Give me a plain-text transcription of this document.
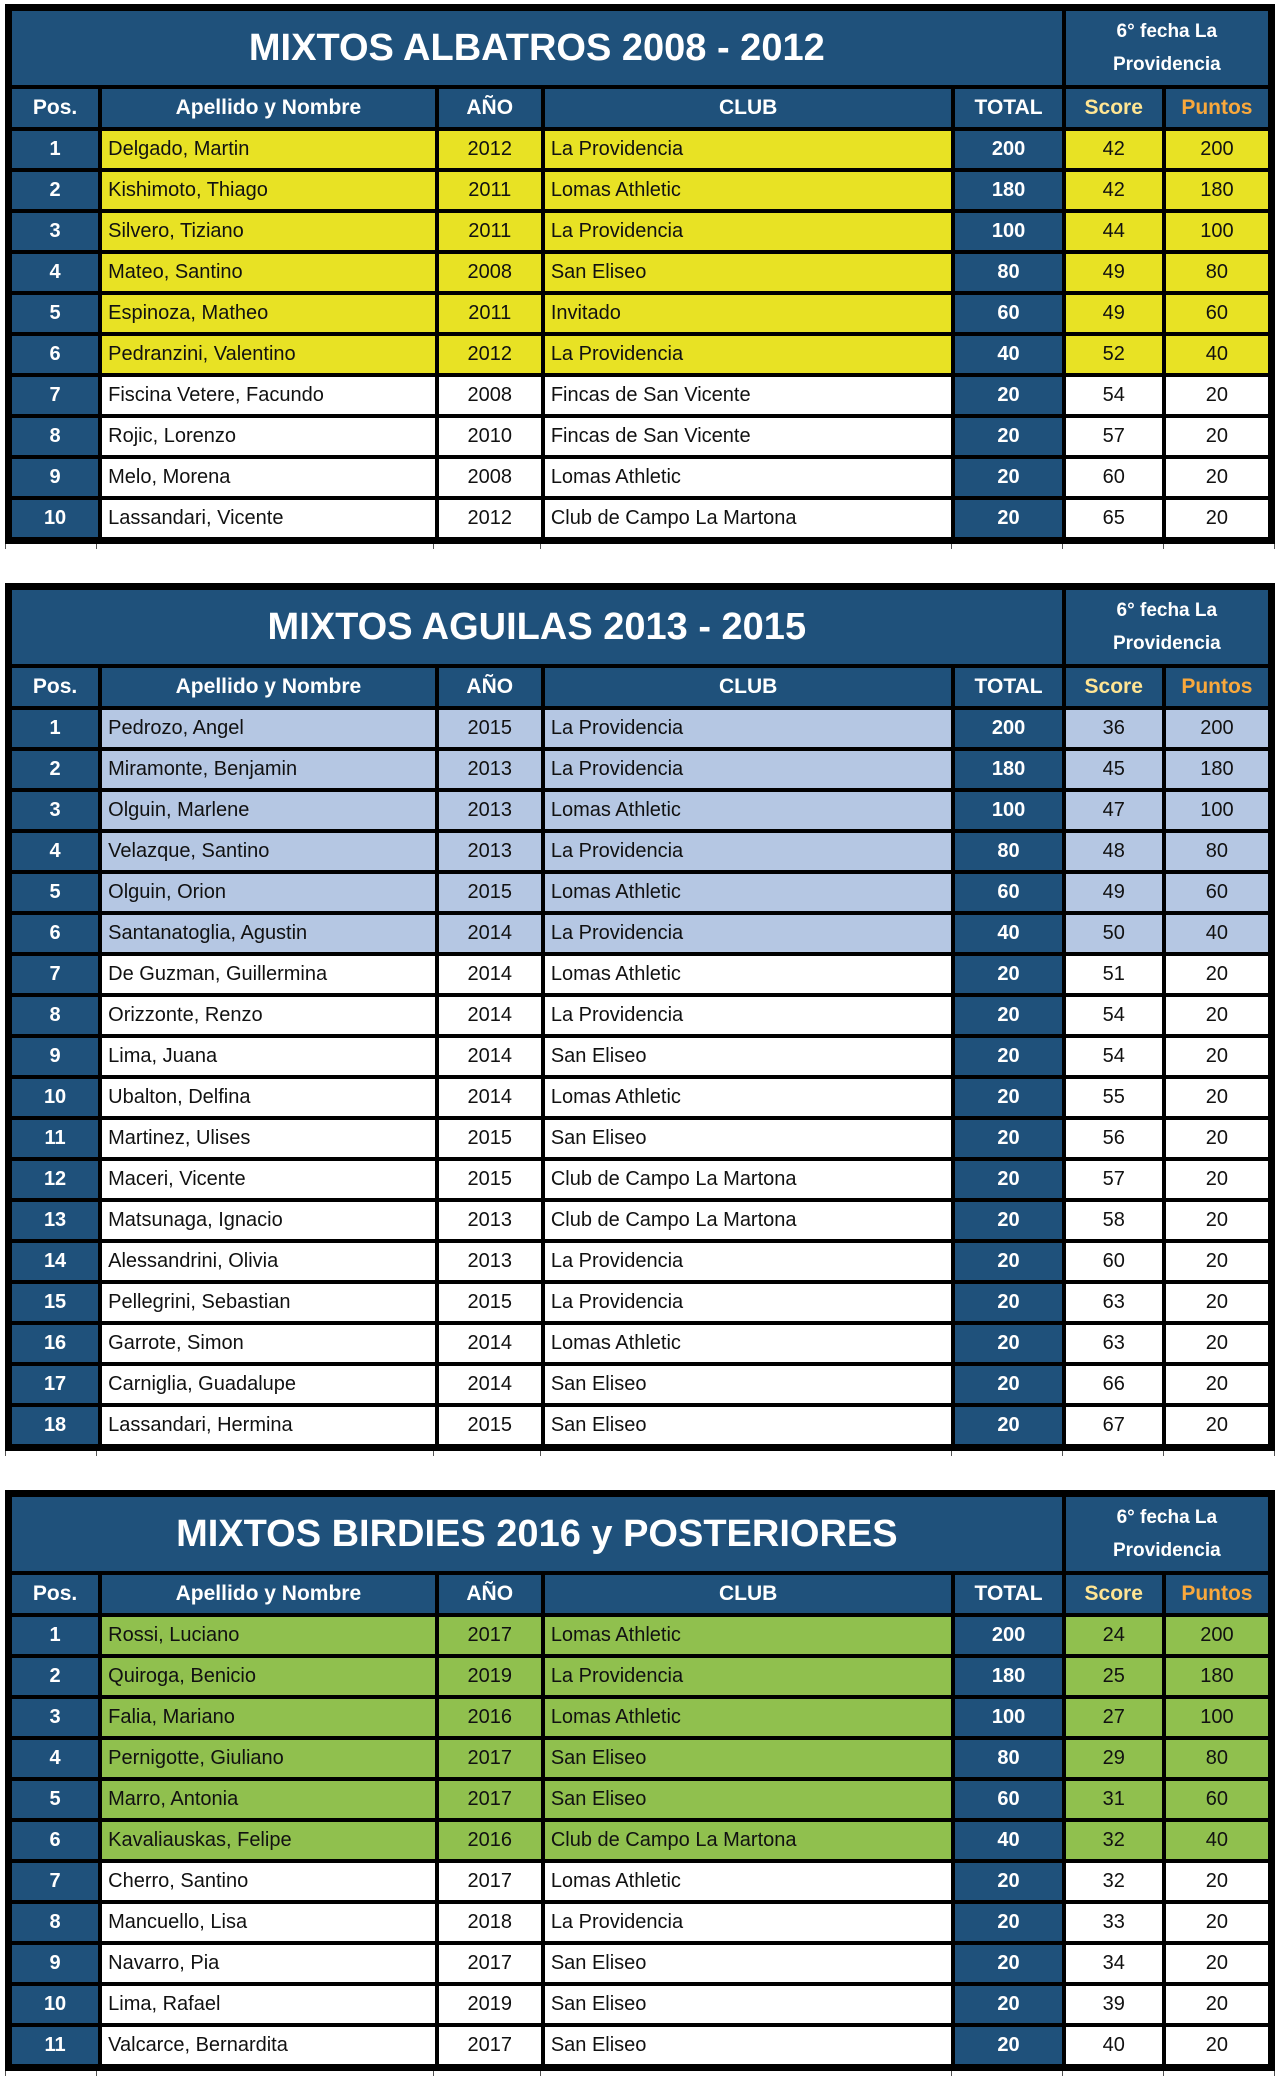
MIXTOS ALBATROS 2008 - 2012					6° fecha La Providencia	
Pos.	Apellido y Nombre	AÑO	CLUB	TOTAL	Score	Puntos
1	Delgado, Martin	2012	La Providencia	200	42	200
2	Kishimoto, Thiago	2011	Lomas Athletic	180	42	180
3	Silvero, Tiziano	2011	La Providencia	100	44	100
4	Mateo, Santino	2008	San Eliseo	80	49	80
5	Espinoza, Matheo	2011	Invitado	60	49	60
6	Pedranzini, Valentino	2012	La Providencia	40	52	40
7	Fiscina Vetere, Facundo	2008	Fincas de San Vicente	20	54	20
8	Rojic, Lorenzo	2010	Fincas de San Vicente	20	57	20
9	Melo, Morena	2008	Lomas Athletic	20	60	20
10	Lassandari, Vicente	2012	Club de Campo La Martona	20	65	20
MIXTOS AGUILAS 2013 - 2015					6° fecha La Providencia	
Pos.	Apellido y Nombre	AÑO	CLUB	TOTAL	Score	Puntos
1	Pedrozo, Angel	2015	La Providencia	200	36	200
2	Miramonte, Benjamin	2013	La Providencia	180	45	180
3	Olguin, Marlene	2013	Lomas Athletic	100	47	100
4	Velazque, Santino	2013	La Providencia	80	48	80
5	Olguin, Orion	2015	Lomas Athletic	60	49	60
6	Santanatoglia, Agustin	2014	La Providencia	40	50	40
7	De Guzman, Guillermina	2014	Lomas Athletic	20	51	20
8	Orizzonte, Renzo	2014	La Providencia	20	54	20
9	Lima, Juana	2014	San Eliseo	20	54	20
10	Ubalton, Delfina	2014	Lomas Athletic	20	55	20
11	Martinez, Ulises	2015	San Eliseo	20	56	20
12	Maceri, Vicente	2015	Club de Campo La Martona	20	57	20
13	Matsunaga, Ignacio	2013	Club de Campo La Martona	20	58	20
14	Alessandrini, Olivia	2013	La Providencia	20	60	20
15	Pellegrini, Sebastian	2015	La Providencia	20	63	20
16	Garrote, Simon	2014	Lomas Athletic	20	63	20
17	Carniglia, Guadalupe	2014	San Eliseo	20	66	20
18	Lassandari, Hermina	2015	San Eliseo	20	67	20
MIXTOS BIRDIES 2016 y POSTERIORES					6° fecha La Providencia	
Pos.	Apellido y Nombre	AÑO	CLUB	TOTAL	Score	Puntos
1	Rossi, Luciano	2017	Lomas Athletic	200	24	200
2	Quiroga, Benicio	2019	La Providencia	180	25	180
3	Falia, Mariano	2016	Lomas Athletic	100	27	100
4	Pernigotte, Giuliano	2017	San Eliseo	80	29	80
5	Marro, Antonia	2017	San Eliseo	60	31	60
6	Kavaliauskas, Felipe	2016	Club de Campo La Martona	40	32	40
7	Cherro, Santino	2017	Lomas Athletic	20	32	20
8	Mancuello, Lisa	2018	La Providencia	20	33	20
9	Navarro, Pia	2017	San Eliseo	20	34	20
10	Lima, Rafael	2019	San Eliseo	20	39	20
11	Valcarce, Bernardita	2017	San Eliseo	20	40	20
